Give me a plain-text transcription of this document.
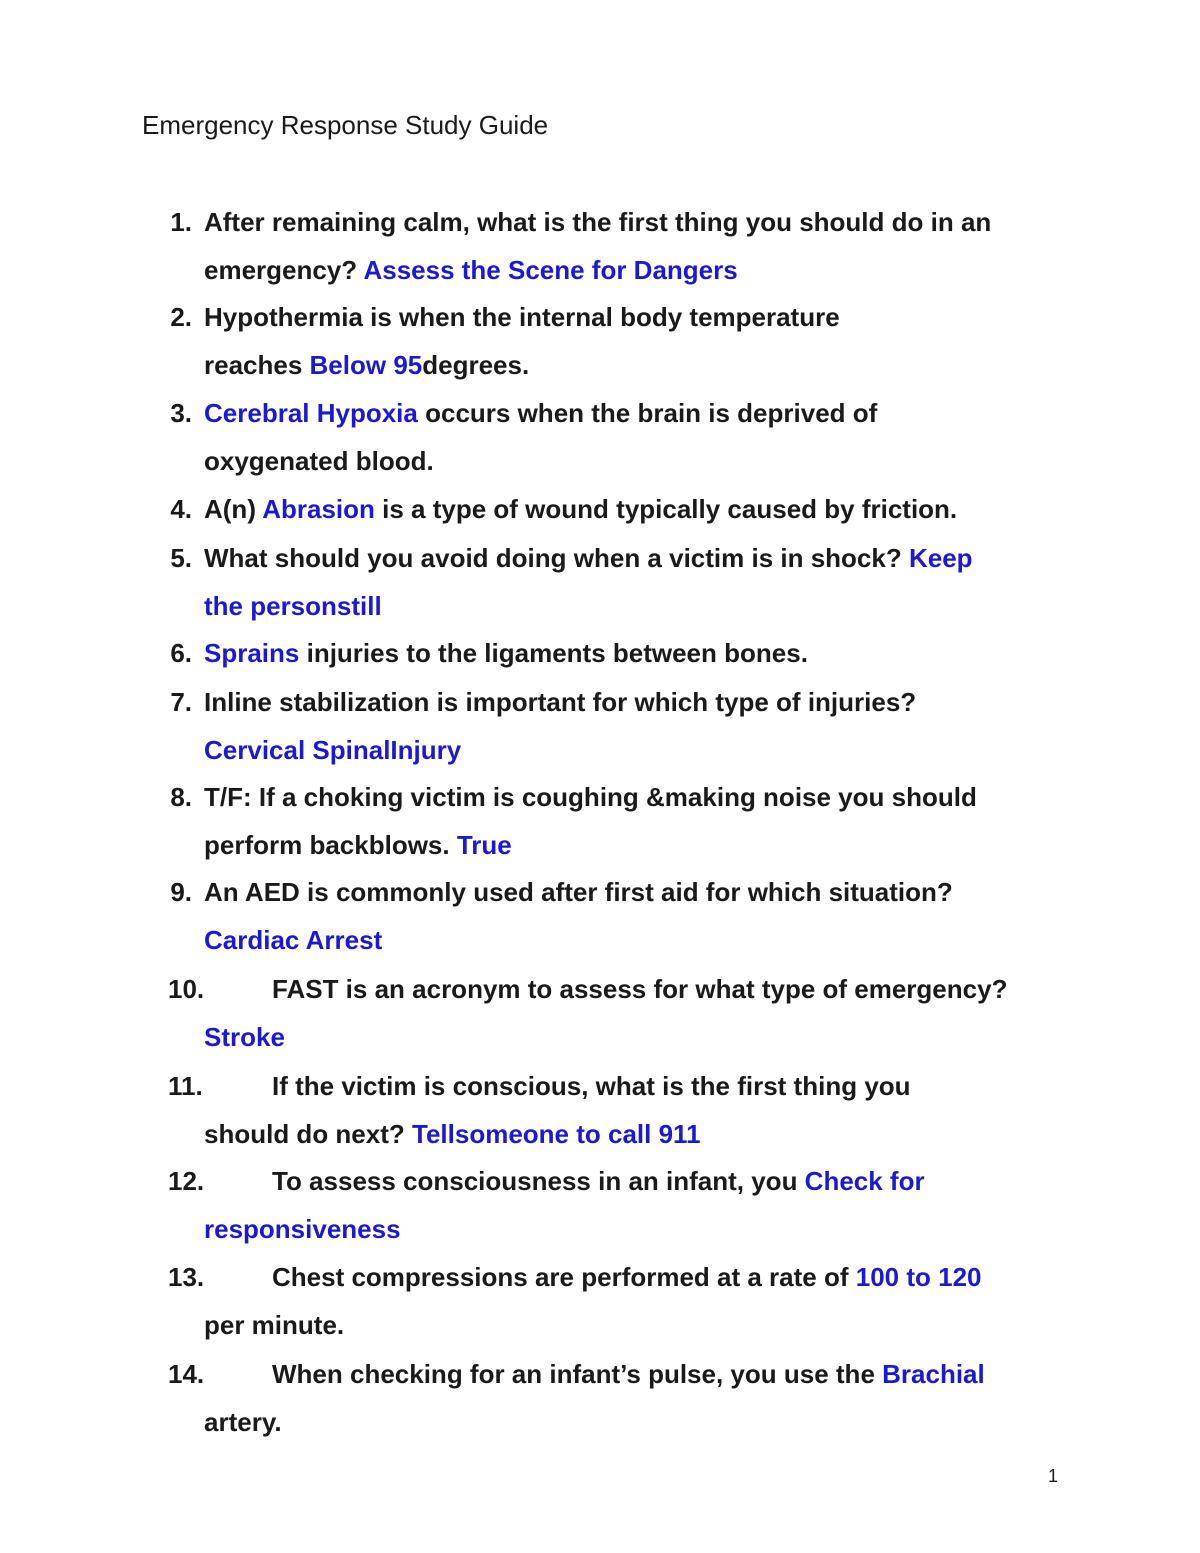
Emergency Response Study Guide
1. After remaining calm, what is the first thing you should do in an
emergency? Assess the Scene for Dangers
2. Hypothermia is when the internal body temperature
reaches Below 95degrees.
3. Cerebral Hypoxia occurs when the brain is deprived of
oxygenated blood.
4. A(n) Abrasion is a type of wound typically caused by friction.
5. What should you avoid doing when a victim is in shock? Keep
the personstill
6. Sprains injuries to the ligaments between bones.
7. Inline stabilization is important for which type of injuries?
Cervical SpinalInjury
8. T/F: If a choking victim is coughing &making noise you should
perform backblows. True
9. An AED is commonly used after first aid for which situation?
Cardiac Arrest
10.	FAST is an acronym to assess for what type of emergency?
Stroke
11.	If the victim is conscious, what is the first thing you
should do next? Tellsomeone to call 911
12.	To assess consciousness in an infant, you Check for
responsiveness
13.	Chest compressions are performed at a rate of 100 to 120
per minute.
14.	When checking for an infant’s pulse, you use the Brachial
artery.
1
